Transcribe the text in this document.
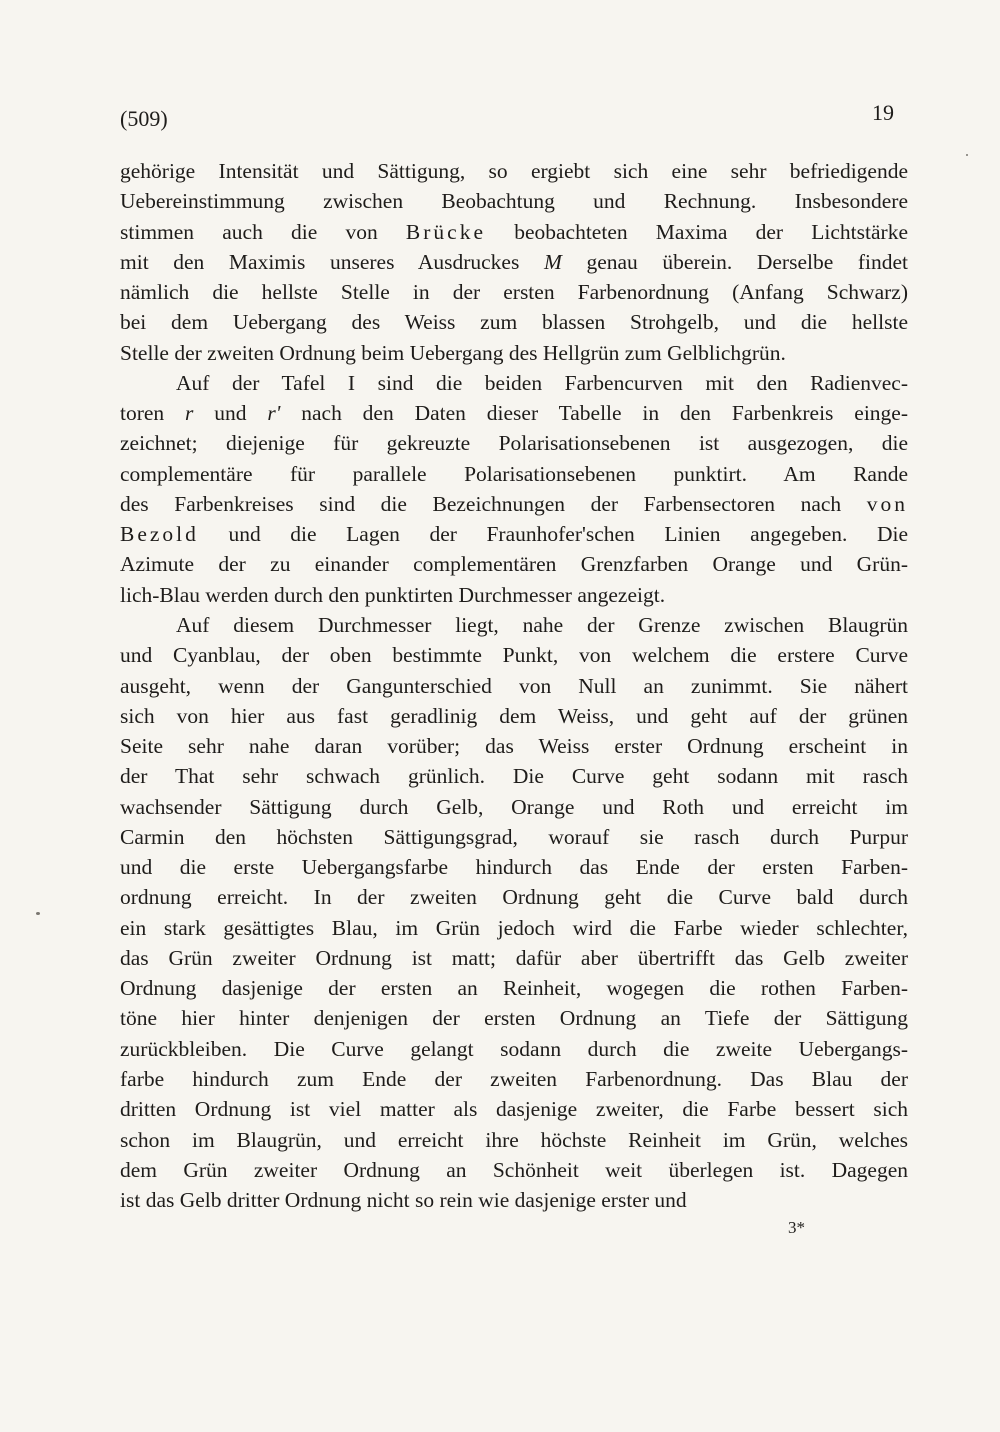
(509)	19
gehörige Intensität und Sättigung, so ergiebt sich eine sehr befriedigende
Uebereinstimmung zwischen Beobachtung und Rechnung. Insbesondere
stimmen auch die von Brücke beobachteten Maxima der Lichtstärke
mit den Maximis unseres Ausdruckes M genau überein. Derselbe findet
nämlich die hellste Stelle in der ersten Farbenordnung (Anfang Schwarz)
bei dem Uebergang des Weiss zum blassen Strohgelb, und die hellste
Stelle der zweiten Ordnung beim Uebergang des Hellgrün zum Gelblichgrün.
Auf der Tafel I sind die beiden Farbencurven mit den Radienvec-
toren r und r' nach den Daten dieser Tabelle in den Farbenkreis einge-
zeichnet; diejenige für gekreuzte Polarisationsebenen ist ausgezogen, die
complementäre für parallele Polarisationsebenen punktirt. Am Rande
des Farbenkreises sind die Bezeichnungen der Farbensectoren nach von
Bezold und die Lagen der Fraunhofer'schen Linien angegeben. Die
Azimute der zu einander complementären Grenzfarben Orange und Grün-
lich-Blau werden durch den punktirten Durchmesser angezeigt.
Auf diesem Durchmesser liegt, nahe der Grenze zwischen Blaugrün
und Cyanblau, der oben bestimmte Punkt, von welchem die erstere Curve
ausgeht, wenn der Gangunterschied von Null an zunimmt. Sie nähert
sich von hier aus fast geradlinig dem Weiss, und geht auf der grünen
Seite sehr nahe daran vorüber; das Weiss erster Ordnung erscheint in
der That sehr schwach grünlich. Die Curve geht sodann mit rasch
wachsender Sättigung durch Gelb, Orange und Roth und erreicht im
Carmin den höchsten Sättigungsgrad, worauf sie rasch durch Purpur
und die erste Uebergangsfarbe hindurch das Ende der ersten Farben-
ordnung erreicht. In der zweiten Ordnung geht die Curve bald durch
ein stark gesättigtes Blau, im Grün jedoch wird die Farbe wieder schlechter,
das Grün zweiter Ordnung ist matt; dafür aber übertrifft das Gelb zweiter
Ordnung dasjenige der ersten an Reinheit, wogegen die rothen Farben-
töne hier hinter denjenigen der ersten Ordnung an Tiefe der Sättigung
zurückbleiben. Die Curve gelangt sodann durch die zweite Uebergangs-
farbe hindurch zum Ende der zweiten Farbenordnung. Das Blau der
dritten Ordnung ist viel matter als dasjenige zweiter, die Farbe bessert sich
schon im Blaugrün, und erreicht ihre höchste Reinheit im Grün, welches
dem Grün zweiter Ordnung an Schönheit weit überlegen ist. Dagegen
ist das Gelb dritter Ordnung nicht so rein wie dasjenige erster und
3*
